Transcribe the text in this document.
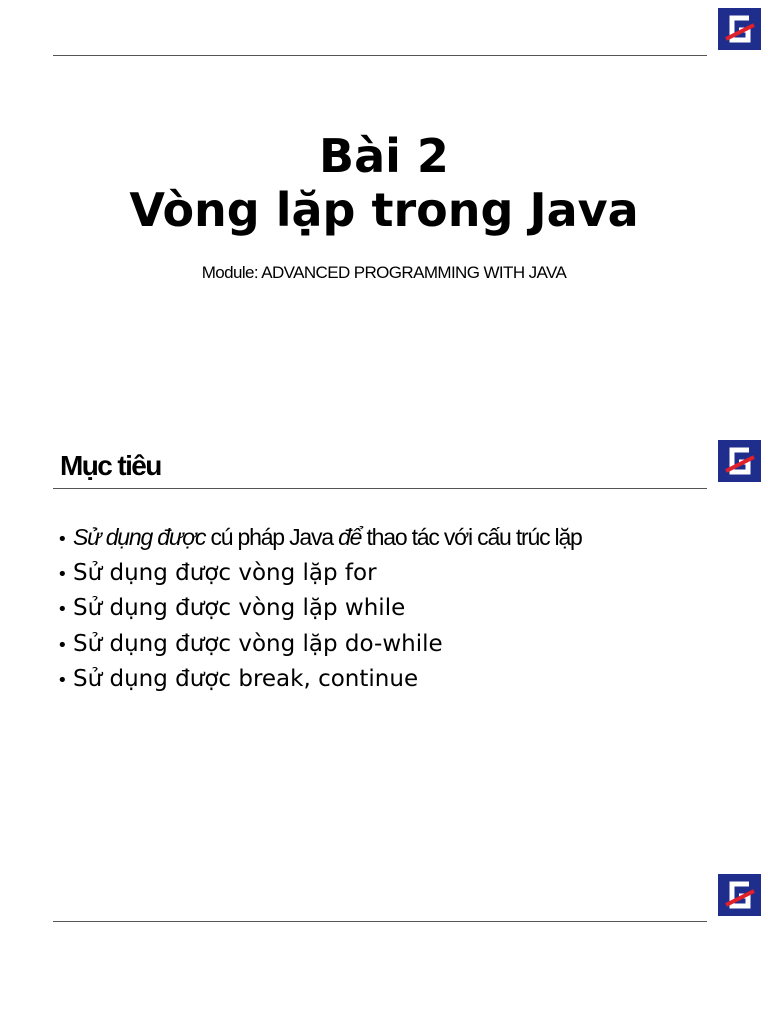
Bài 2
Vòng lặp trong Java
Module: ADVANCED PROGRAMMING WITH JAVA
Mục tiêu
• Sử dụng được cú pháp Java để thao tác với cấu trúc lặp
• Sử dụng được vòng lặp for
• Sử dụng được vòng lặp while
• Sử dụng được vòng lặp do-while
• Sử dụng được break, continue
